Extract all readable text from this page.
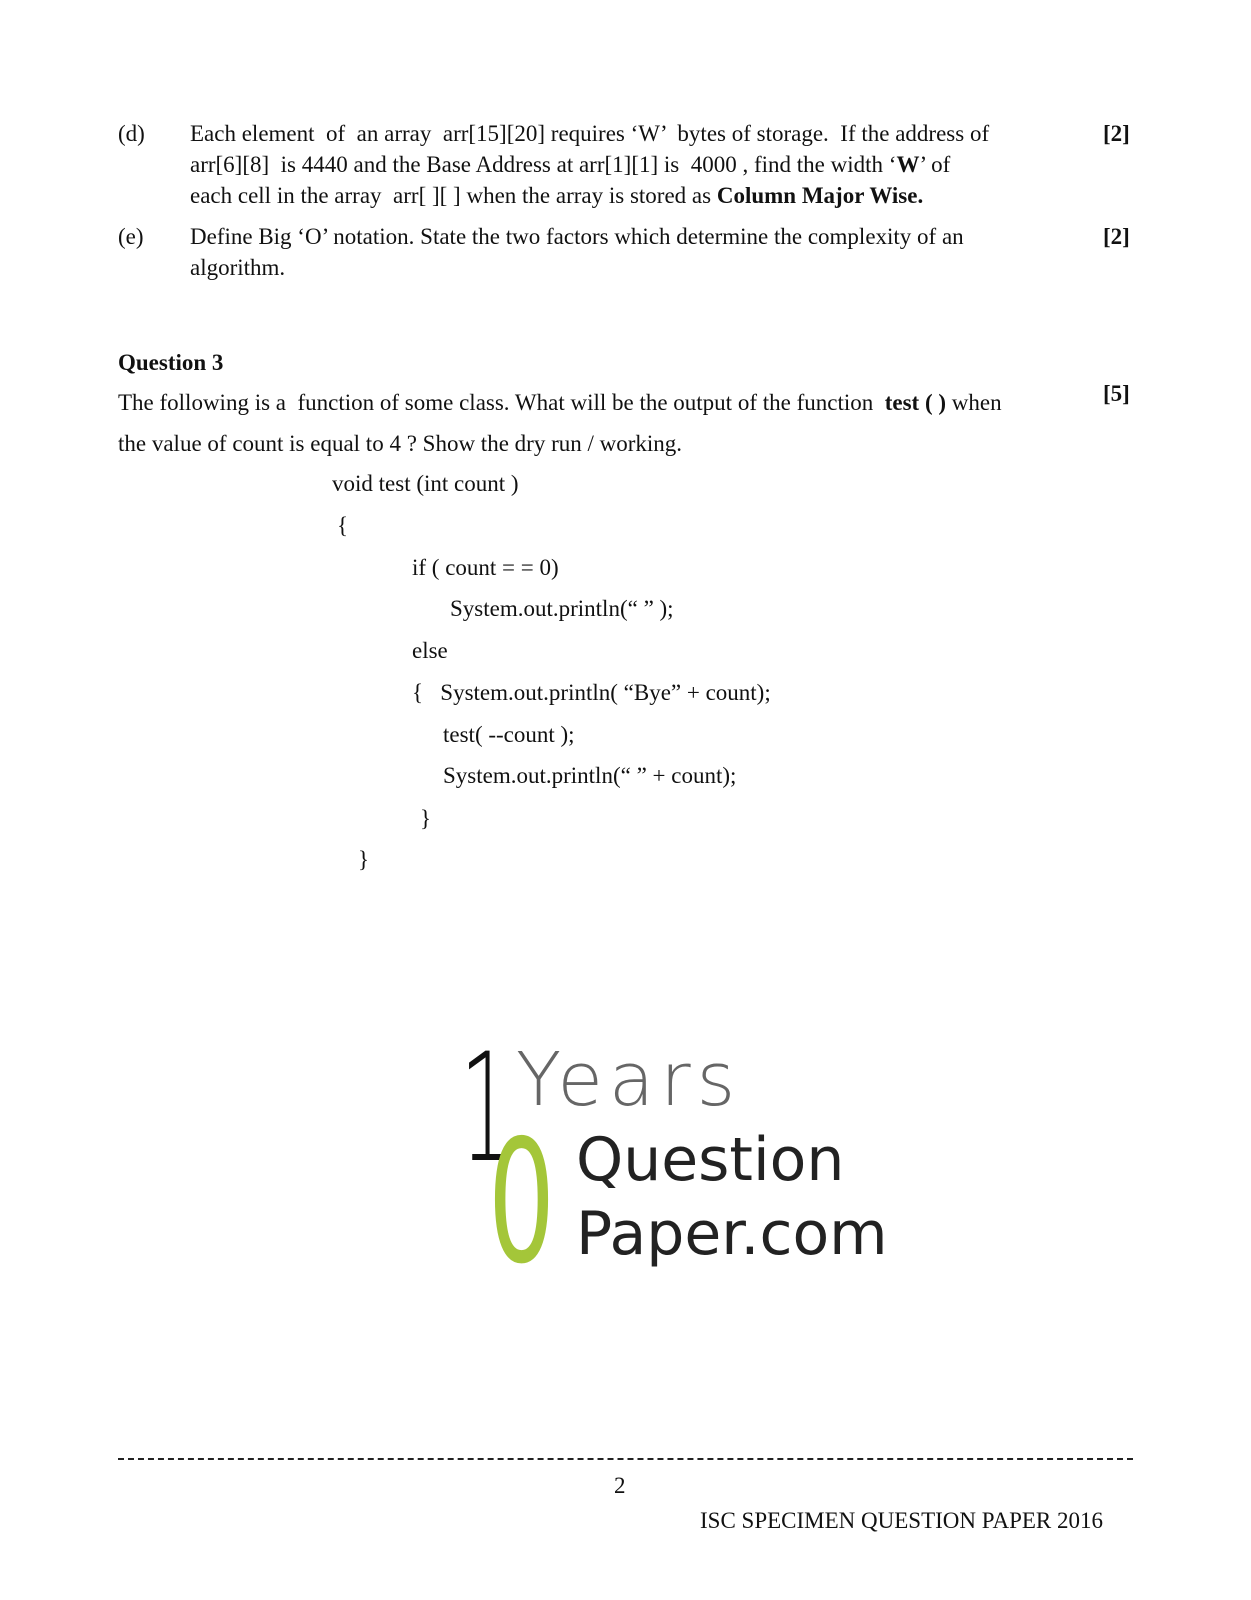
(d) Each element  of  an array  arr[15][20] requires ‘W’  bytes of storage.  If the address of
arr[6][8]  is 4440 and the Base Address at arr[1][1] is  4000 , find the width ‘W’ of
each cell in the array  arr[ ][ ] when the array is stored as Column Major Wise.
[2]
(e) Define Big ‘O’ notation. State the two factors which determine the complexity of an
algorithm.
[2]
Question 3
[5]
The following is a  function of some class. What will be the output of the function  test ( ) when
the value of count is equal to 4 ? Show the dry run / working.
void test (int count )
{
if ( count = = 0)
System.out.println(“ ” );
else
{   System.out.println( “Bye” + count);
test( --count );
System.out.println(“ ” + count);
}
}
1
0
Years
Question
Paper.com
2
ISC SPECIMEN QUESTION PAPER 2016
